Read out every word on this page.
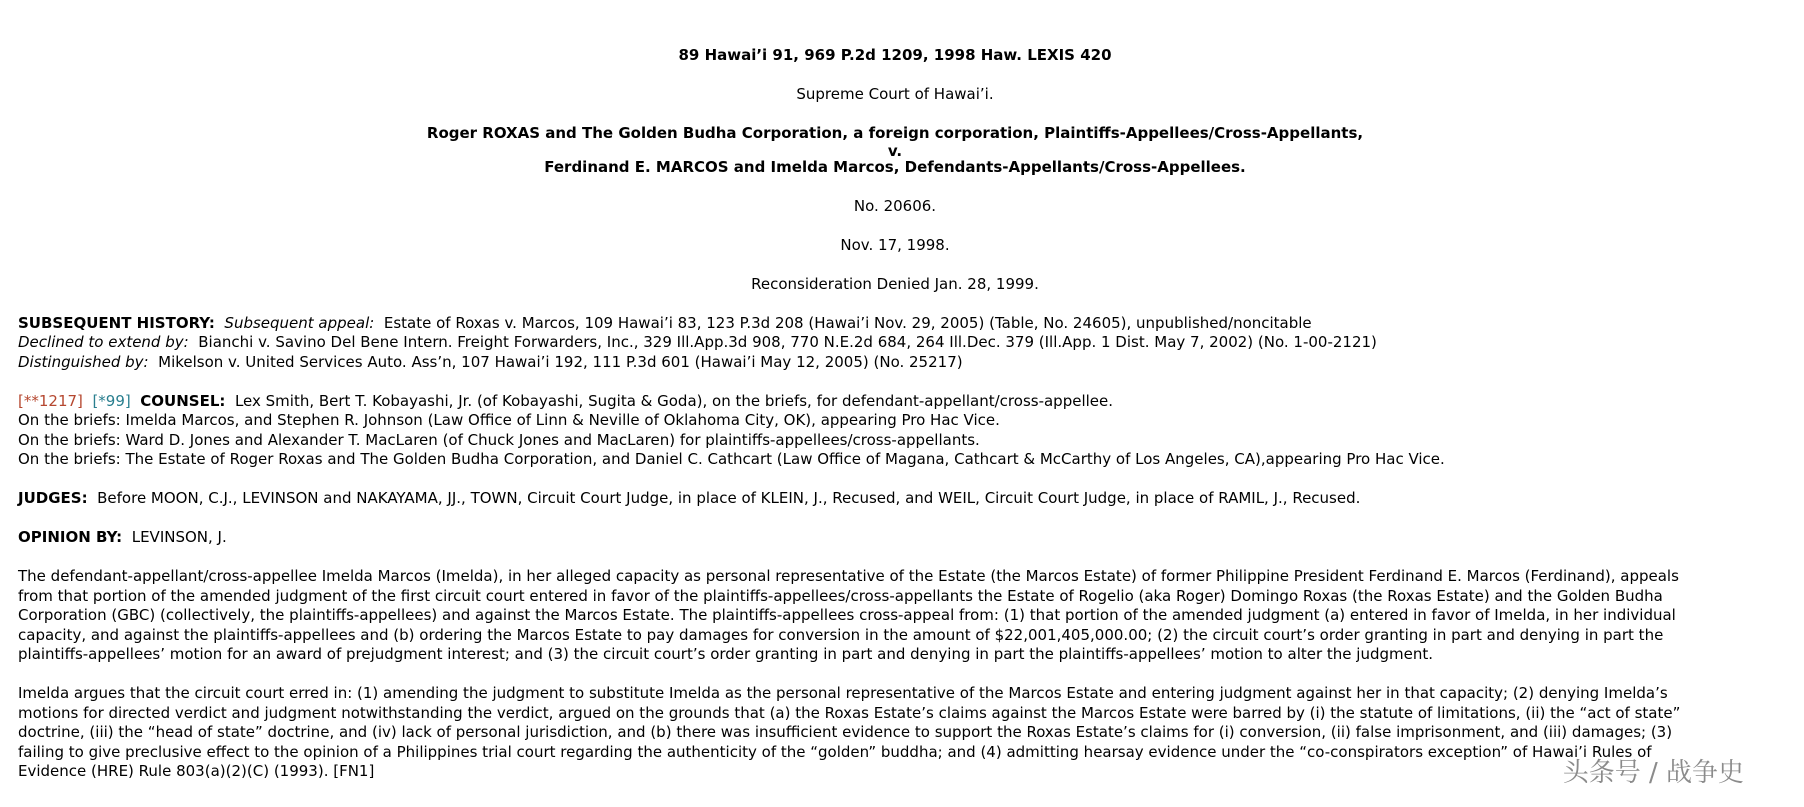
89 Hawai’i 91, 969 P.2d 1209, 1998 Haw. LEXIS 420
Supreme Court of Hawai’i.
Roger ROXAS and The Golden Budha Corporation, a foreign corporation, Plaintiffs-Appellees/Cross-Appellants,
v.
Ferdinand E. MARCOS and Imelda Marcos, Defendants-Appellants/Cross-Appellees.
No. 20606.
Nov. 17, 1998.
Reconsideration Denied Jan. 28, 1999.
SUBSEQUENT HISTORY: Subsequent appeal: Estate of Roxas v. Marcos, 109 Hawai’i 83, 123 P.3d 208 (Hawai’i Nov. 29, 2005) (Table, No. 24605), unpublished/noncitable
Declined to extend by: Bianchi v. Savino Del Bene Intern. Freight Forwarders, Inc., 329 Ill.App.3d 908, 770 N.E.2d 684, 264 Ill.Dec. 379 (Ill.App. 1 Dist. May 7, 2002) (No. 1-00-2121)
Distinguished by: Mikelson v. United Services Auto. Ass’n, 107 Hawai’i 192, 111 P.3d 601 (Hawai’i May 12, 2005) (No. 25217)
[**1217] [*99] COUNSEL: Lex Smith, Bert T. Kobayashi, Jr. (of Kobayashi, Sugita & Goda), on the briefs, for defendant-appellant/cross-appellee.
On the briefs: Imelda Marcos, and Stephen R. Johnson (Law Office of Linn & Neville of Oklahoma City, OK), appearing Pro Hac Vice.
On the briefs: Ward D. Jones and Alexander T. MacLaren (of Chuck Jones and MacLaren) for plaintiffs-appellees/cross-appellants.
On the briefs: The Estate of Roger Roxas and The Golden Budha Corporation, and Daniel C. Cathcart (Law Office of Magana, Cathcart & McCarthy of Los Angeles, CA),appearing Pro Hac Vice.
JUDGES: Before MOON, C.J., LEVINSON and NAKAYAMA, JJ., TOWN, Circuit Court Judge, in place of KLEIN, J., Recused, and WEIL, Circuit Court Judge, in place of RAMIL, J., Recused.
OPINION BY: LEVINSON, J.
The defendant-appellant/cross-appellee Imelda Marcos (Imelda), in her alleged capacity as personal representative of the Estate (the Marcos Estate) of former Philippine President Ferdinand E. Marcos (Ferdinand), appeals
from that portion of the amended judgment of the first circuit court entered in favor of the plaintiffs-appellees/cross-appellants the Estate of Rogelio (aka Roger) Domingo Roxas (the Roxas Estate) and the Golden Budha
Corporation (GBC) (collectively, the plaintiffs-appellees) and against the Marcos Estate. The plaintiffs-appellees cross-appeal from: (1) that portion of the amended judgment (a) entered in favor of Imelda, in her individual
capacity, and against the plaintiffs-appellees and (b) ordering the Marcos Estate to pay damages for conversion in the amount of $22,001,405,000.00; (2) the circuit court’s order granting in part and denying in part the
plaintiffs-appellees’ motion for an award of prejudgment interest; and (3) the circuit court’s order granting in part and denying in part the plaintiffs-appellees’ motion to alter the judgment.
Imelda argues that the circuit court erred in: (1) amending the judgment to substitute Imelda as the personal representative of the Marcos Estate and entering judgment against her in that capacity; (2) denying Imelda’s
motions for directed verdict and judgment notwithstanding the verdict, argued on the grounds that (a) the Roxas Estate’s claims against the Marcos Estate were barred by (i) the statute of limitations, (ii) the “act of state”
doctrine, (iii) the “head of state” doctrine, and (iv) lack of personal jurisdiction, and (b) there was insufficient evidence to support the Roxas Estate’s claims for (i) conversion, (ii) false imprisonment, and (iii) damages; (3)
failing to give preclusive effect to the opinion of a Philippines trial court regarding the authenticity of the “golden” buddha; and (4) admitting hearsay evidence under the “co-conspirators exception” of Hawai’i Rules of
Evidence (HRE) Rule 803(a)(2)(C) (1993). [FN1]	头条号 / 战争史
